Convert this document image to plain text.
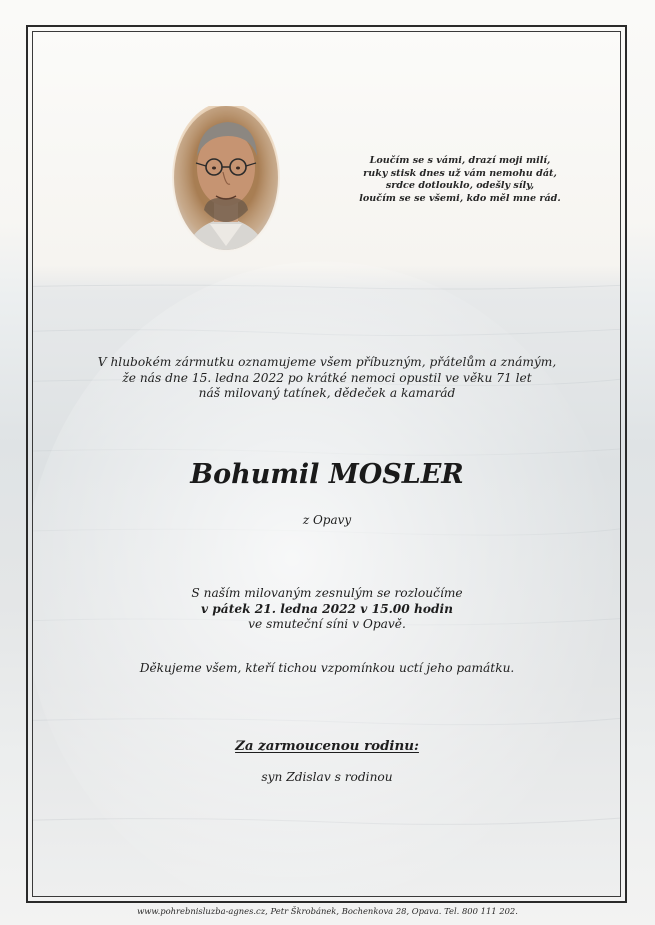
Loučím se s vámi, drazí moji milí,
ruky stisk dnes už vám nemohu dát,
srdce dotlouklo, odešly síly,
loučím se se všemi, kdo měl mne rád.
V hlubokém zármutku oznamujeme všem příbuzným, přátelům a známým,
že nás dne 15. ledna 2022 po krátké nemoci opustil ve věku 71 let
náš milovaný tatínek, dědeček a kamarád
Bohumil MOSLER
z Opavy
S naším milovaným zesnulým se rozloučíme
v pátek 21. ledna 2022 v 15.00 hodin
ve smuteční síni v Opavě.
Děkujeme všem, kteří tichou vzpomínkou uctí jeho památku.
Za zarmoucenou rodinu:
syn Zdislav s rodinou
www.pohrebnisluzba-agnes.cz, Petr Škrobánek, Bochenkova 28, Opava. Tel. 800 111 202.
